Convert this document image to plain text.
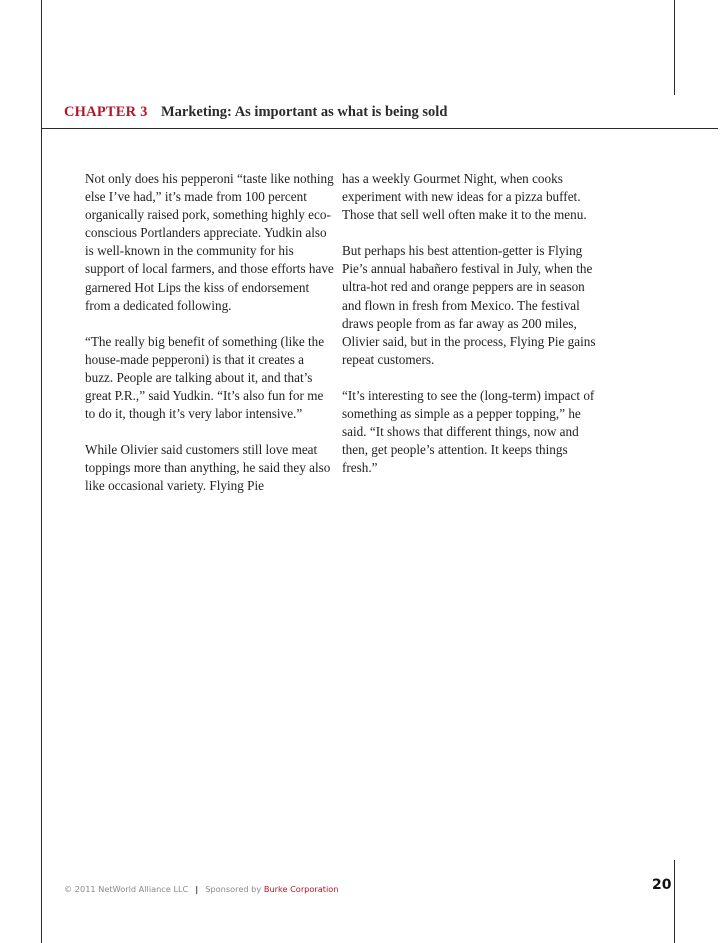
CHAPTER 3 Marketing: As important as what is being sold

Not only does his pepperoni “taste like nothing else I’ve had,” it’s made from 100 percent organically raised pork, something highly eco-conscious Portlanders appreciate. Yudkin also is well-known in the community for his support of local farmers, and those efforts have garnered Hot Lips the kiss of endorsement from a dedicated following.

“The really big benefit of something (like the house-made pepperoni) is that it creates a buzz. People are talking about it, and that’s great P.R.,” said Yudkin. “It’s also fun for me to do it, though it’s very labor intensive.”

While Olivier said customers still love meat toppings more than anything, he said they also like occasional variety. Flying Pie

has a weekly Gourmet Night, when cooks experiment with new ideas for a pizza buffet. Those that sell well often make it to the menu.

But perhaps his best attention-getter is Flying Pie’s annual habañero festival in July, when the ultra-hot red and orange peppers are in season and flown in fresh from Mexico. The festival draws people from as far away as 200 miles, Olivier said, but in the process, Flying Pie gains repeat customers.

“It’s interesting to see the (long-term) impact of something as simple as a pepper topping,” he said. “It shows that different things, now and then, get people’s attention. It keeps things fresh.”

© 2011 NetWorld Alliance LLC | Sponsored by Burke Corporation	20
